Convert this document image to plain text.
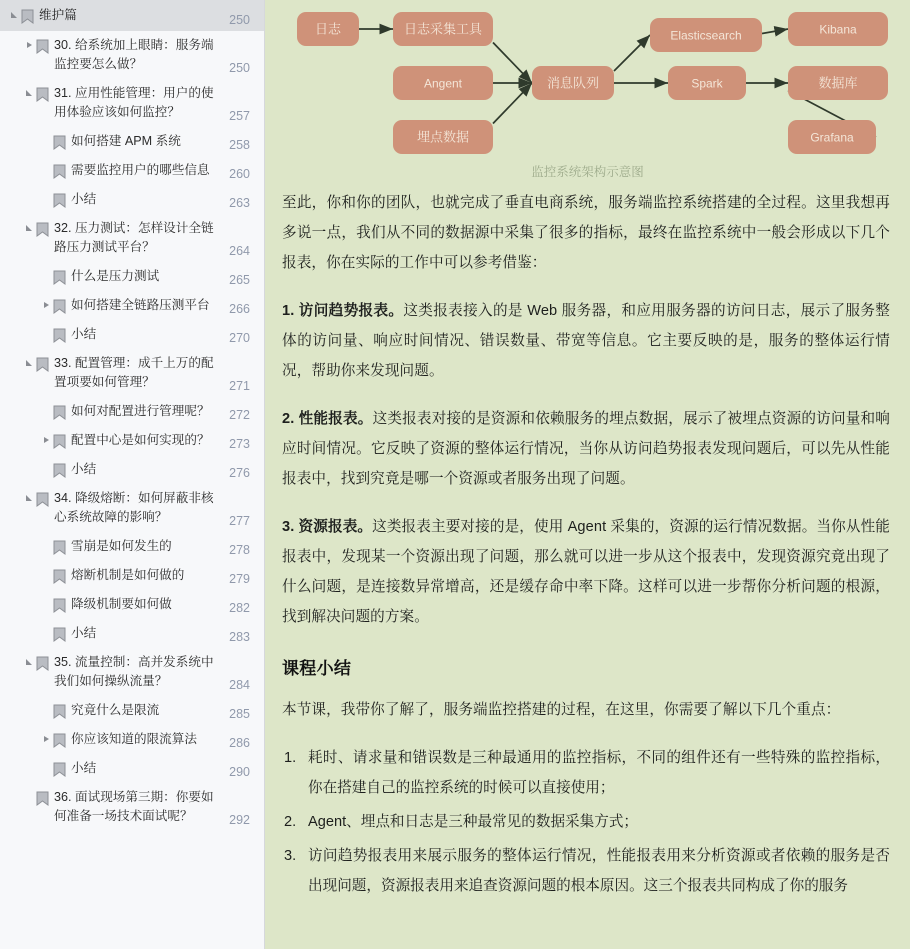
维护篇	250
30. 给系统加上眼睛：服务端监控要怎么做？	250
31. 应用性能管理：用户的使用体验应该如何监控？	257
如何搭建 APM 系统	258
需要监控用户的哪些信息	260
小结	263
32. 压力测试：怎样设计全链路压力测试平台？	264
什么是压力测试	265
如何搭建全链路压测平台	266
小结	270
33. 配置管理：成千上万的配置项要如何管理？	271
如何对配置进行管理呢？	272
配置中心是如何实现的？	273
小结	276
34. 降级熔断：如何屏蔽非核心系统故障的影响？	277
雪崩是如何发生的	278
熔断机制是如何做的	279
降级机制要如何做	282
小结	283
35. 流量控制：高并发系统中我们如何操纵流量？	284
究竟什么是限流	285
你应该知道的限流算法	286
小结	290
36. 面试现场第三期：你要如何准备一场技术面试呢？	292
日志	日志采集工具
Angent
埋点数据
消息队列
Elasticsearch	Kibana
Spark	数据库
Grafana
监控系统架构示意图

至此，你和你的团队，也就完成了垂直电商系统，服务端监控系统搭建的全过程。这里我想再多说一点，我们从不同的数据源中采集了很多的指标，最终在监控系统中一般会形成以下几个报表，你在实际的工作中可以参考借鉴：

1. 访问趋势报表。这类报表接入的是 Web 服务器，和应用服务器的访问日志，展示了服务整体的访问量、响应时间情况、错误数量、带宽等信息。它主要反映的是，服务的整体运行情况，帮助你来发现问题。

2. 性能报表。这类报表对接的是资源和依赖服务的埋点数据，展示了被埋点资源的访问量和响应时间情况。它反映了资源的整体运行情况，当你从访问趋势报表发现问题后，可以先从性能报表中，找到究竟是哪一个资源或者服务出现了问题。

3. 资源报表。这类报表主要对接的是，使用 Agent 采集的，资源的运行情况数据。当你从性能报表中，发现某一个资源出现了问题，那么就可以进一步从这个报表中，发现资源究竟出现了什么问题，是连接数异常增高，还是缓存命中率下降。这样可以进一步帮你分析问题的根源，找到解决问题的方案。

课程小结

本节课，我带你了解了，服务端监控搭建的过程，在这里，你需要了解以下几个重点：

耗时、请求量和错误数是三种最通用的监控指标，不同的组件还有一些特殊的监控指标，你在搭建自己的监控系统的时候可以直接使用；
Agent、埋点和日志是三种最常见的数据采集方式；
访问趋势报表用来展示服务的整体运行情况，性能报表用来分析资源或者依赖的服务是否出现问题，资源报表用来追查资源问题的根本原因。这三个报表共同构成了你的服务
